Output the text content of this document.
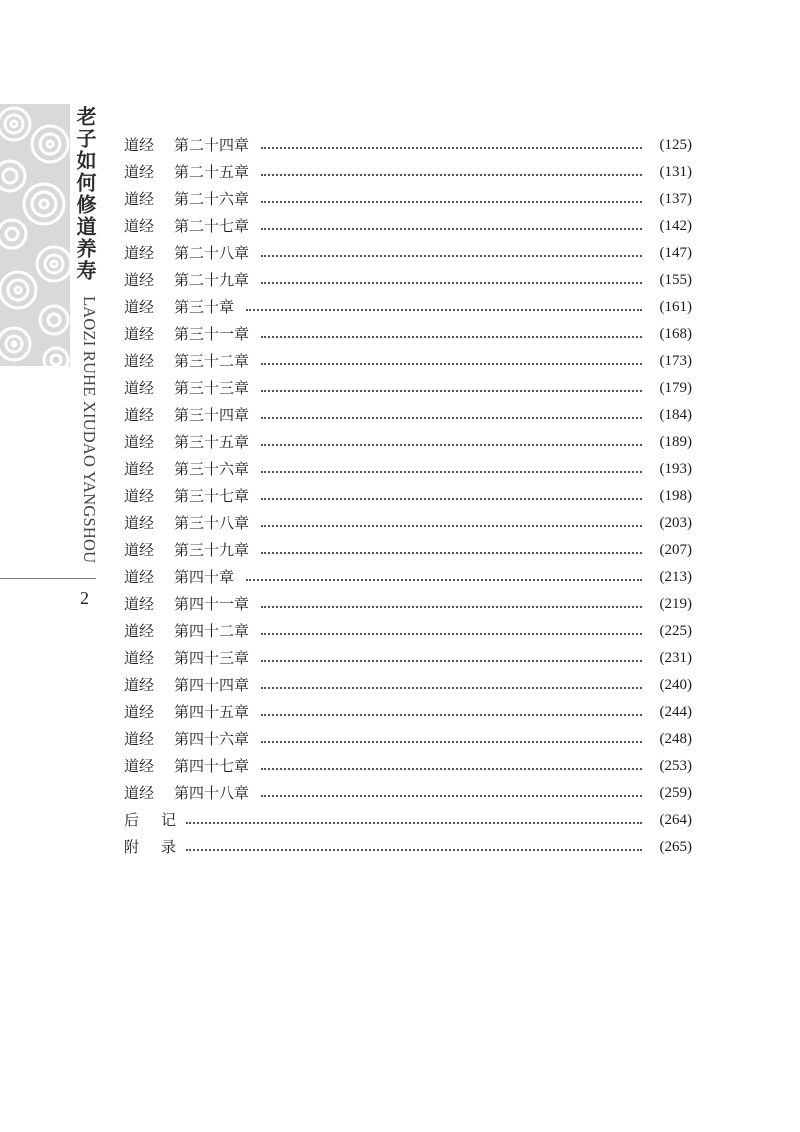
老子如何修道养寿
LAOZI RUHE XIUDAO YANGSHOU
2
道经	第二十四章	(125)
道经	第二十五章	(131)
道经	第二十六章	(137)
道经	第二十七章	(142)
道经	第二十八章	(147)
道经	第二十九章	(155)
道经	第三十章	(161)
道经	第三十一章	(168)
道经	第三十二章	(173)
道经	第三十三章	(179)
道经	第三十四章	(184)
道经	第三十五章	(189)
道经	第三十六章	(193)
道经	第三十七章	(198)
道经	第三十八章	(203)
道经	第三十九章	(207)
道经	第四十章	(213)
道经	第四十一章	(219)
道经	第四十二章	(225)
道经	第四十三章	(231)
道经	第四十四章	(240)
道经	第四十五章	(244)
道经	第四十六章	(248)
道经	第四十七章	(253)
道经	第四十八章	(259)
后 记	(264)
附 录	(265)
